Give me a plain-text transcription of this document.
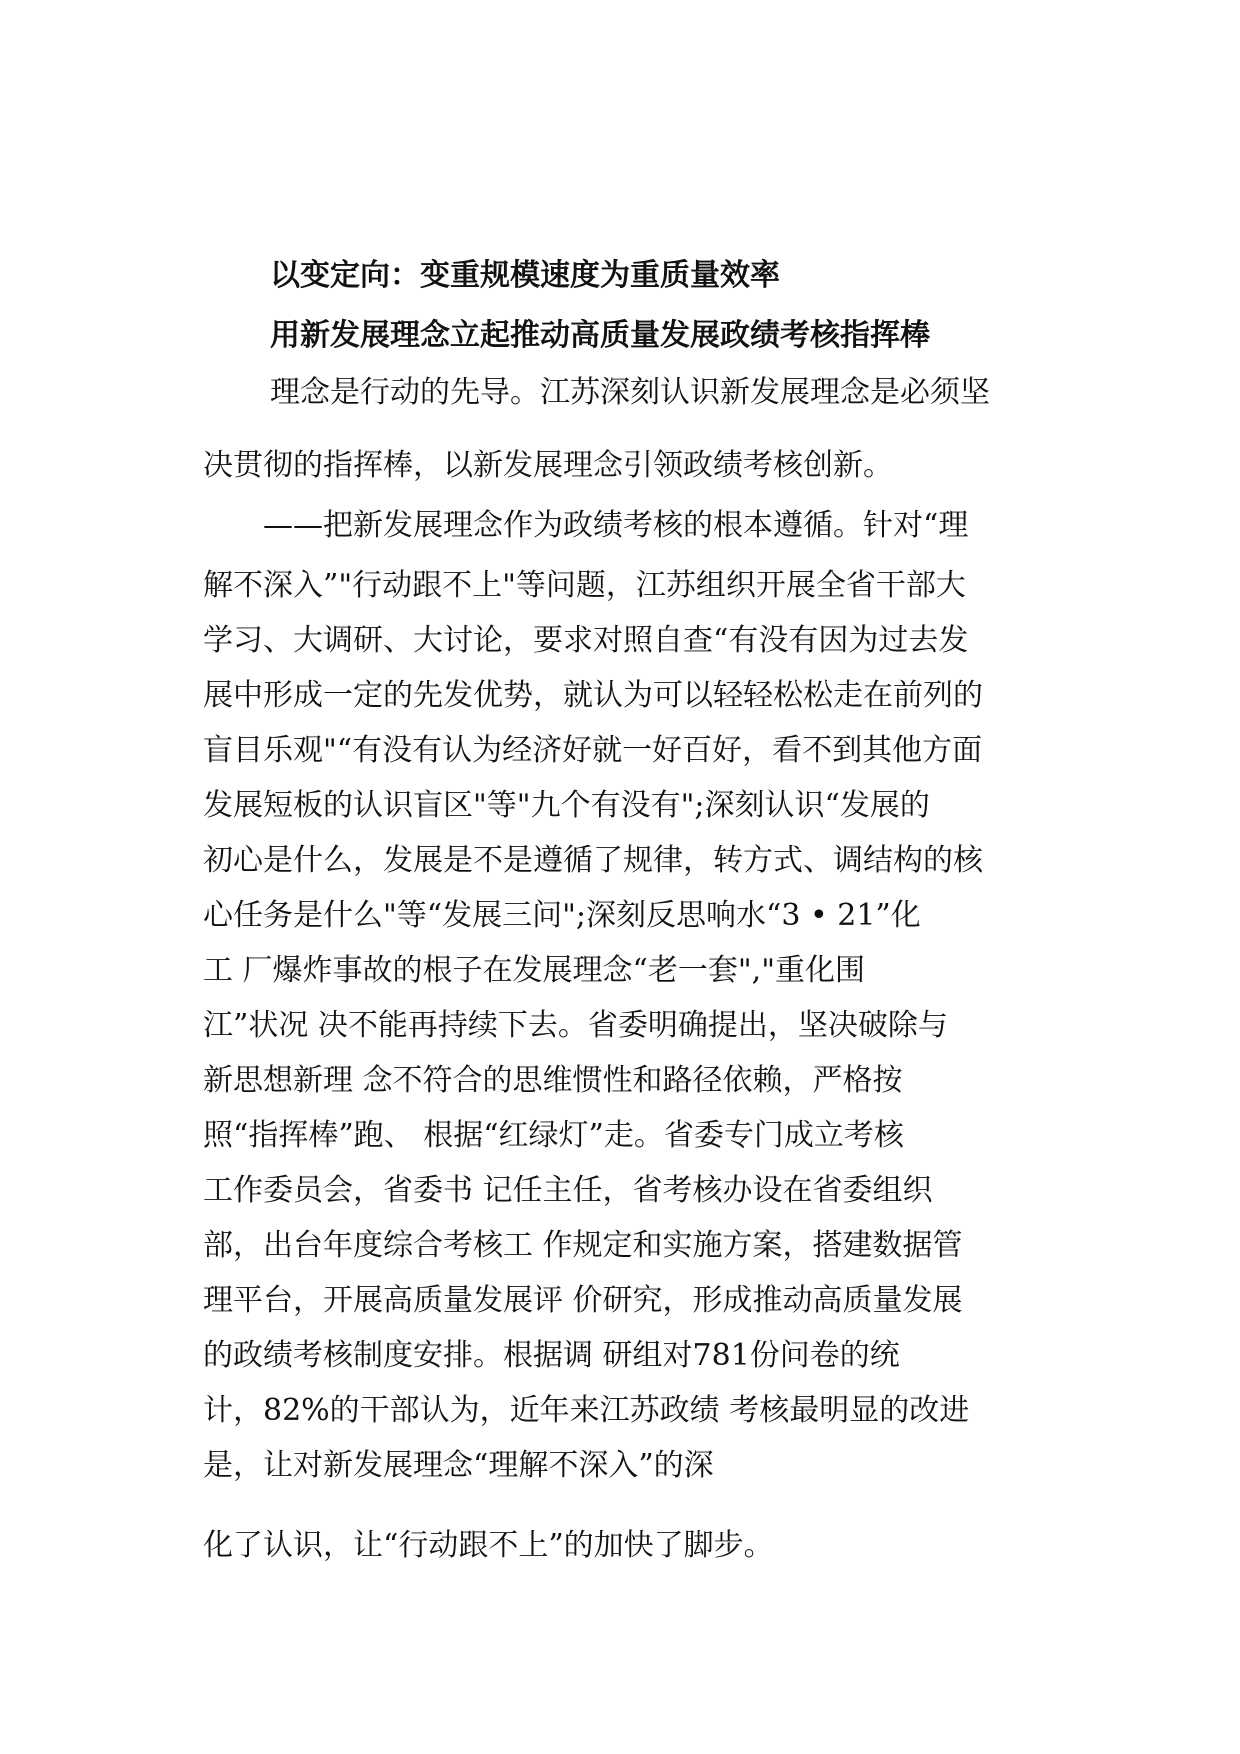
以变定向：变重规模速度为重质量效率
用新发展理念立起推动高质量发展政绩考核指挥棒

理念是行动的先导。江苏深刻认识新发展理念是必须坚

决贯彻的指挥棒，以新发展理念引领政绩考核创新。

——把新发展理念作为政绩考核的根本遵循。针对“理

解不深入”"行动跟不上"等问题，江苏组织开展全省干部大

学习、大调研、大讨论，要求对照自查“有没有因为过去发

展中形成一定的先发优势，就认为可以轻轻松松走在前列的

盲目乐观"“有没有认为经济好就一好百好，看不到其他方面

发展短板的认识盲区"等"九个有没有";深刻认识“发展的

初心是什么，发展是不是遵循了规律，转方式、调结构的核

心任务是什么"等“发展三问";深刻反思响水“3 • 21”化

工 厂爆炸事故的根子在发展理念“老一套","重化围

江”状况 决不能再持续下去。省委明确提出，坚决破除与

新思想新理 念不符合的思维惯性和路径依赖，严格按

照“指挥棒”跑、 根据“红绿灯”走。省委专门成立考核

工作委员会，省委书 记任主任，省考核办设在省委组织

部，出台年度综合考核工 作规定和实施方案，搭建数据管

理平台，开展高质量发展评 价研究，形成推动高质量发展

的政绩考核制度安排。根据调 研组对781份问卷的统

计，82%的干部认为，近年来江苏政绩 考核最明显的改进

是，让对新发展理念“理解不深入”的深

化了认识，让“行动跟不上”的加快了脚步。
